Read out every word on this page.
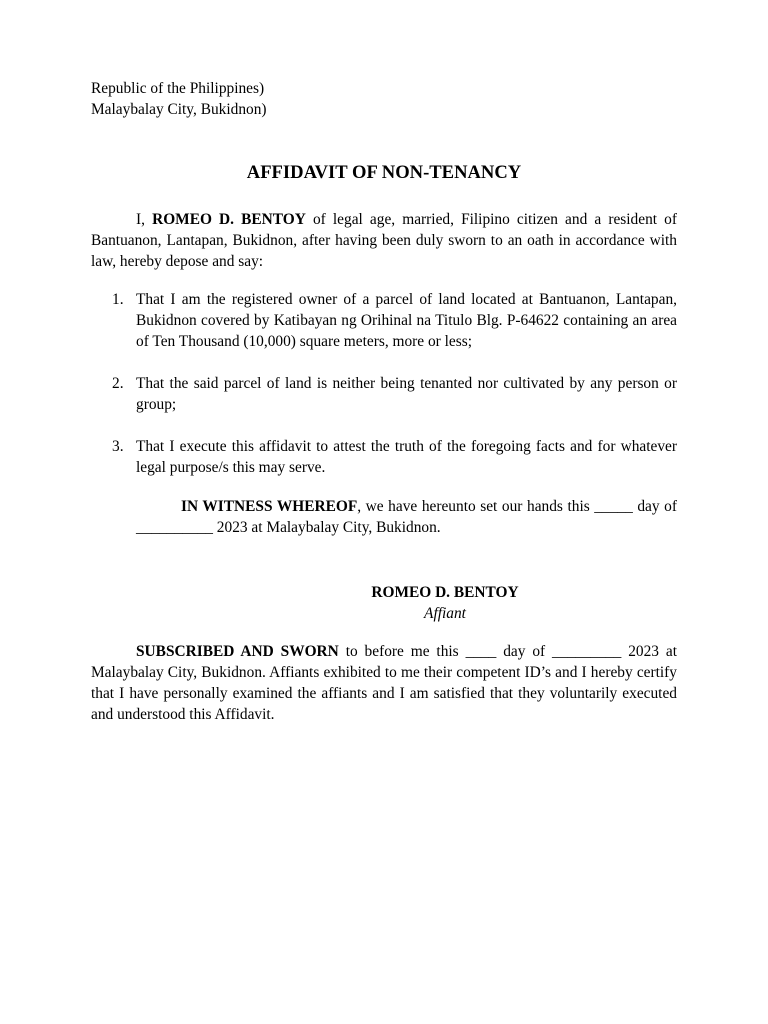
Republic of the Philippines)

Malaybalay City, Bukidnon)

AFFIDAVIT OF NON-TENANCY

I, ROMEO D. BENTOY of legal age, married, Filipino citizen and a resident of Bantuanon, Lantapan, Bukidnon, after having been duly sworn to an oath in accordance with law, hereby depose and say:

1. That I am the registered owner of a parcel of land located at Bantuanon, Lantapan, Bukidnon covered by Katibayan ng Orihinal na Titulo Blg. P-64622 containing an area of Ten Thousand (10,000) square meters, more or less;
2. That the said parcel of land is neither being tenanted nor cultivated by any person or group;
3. That I execute this affidavit to attest the truth of the foregoing facts and for whatever legal purpose/s this may serve.

IN WITNESS WHEREOF, we have hereunto set our hands this _____ day of __________ 2023 at Malaybalay City, Bukidnon.

ROMEO D. BENTOY
Affiant

SUBSCRIBED AND SWORN to before me this ____ day of _________ 2023 at Malaybalay City, Bukidnon. Affiants exhibited to me their competent ID’s and I hereby certify that I have personally examined the affiants and I am satisfied that they voluntarily executed and understood this Affidavit.
